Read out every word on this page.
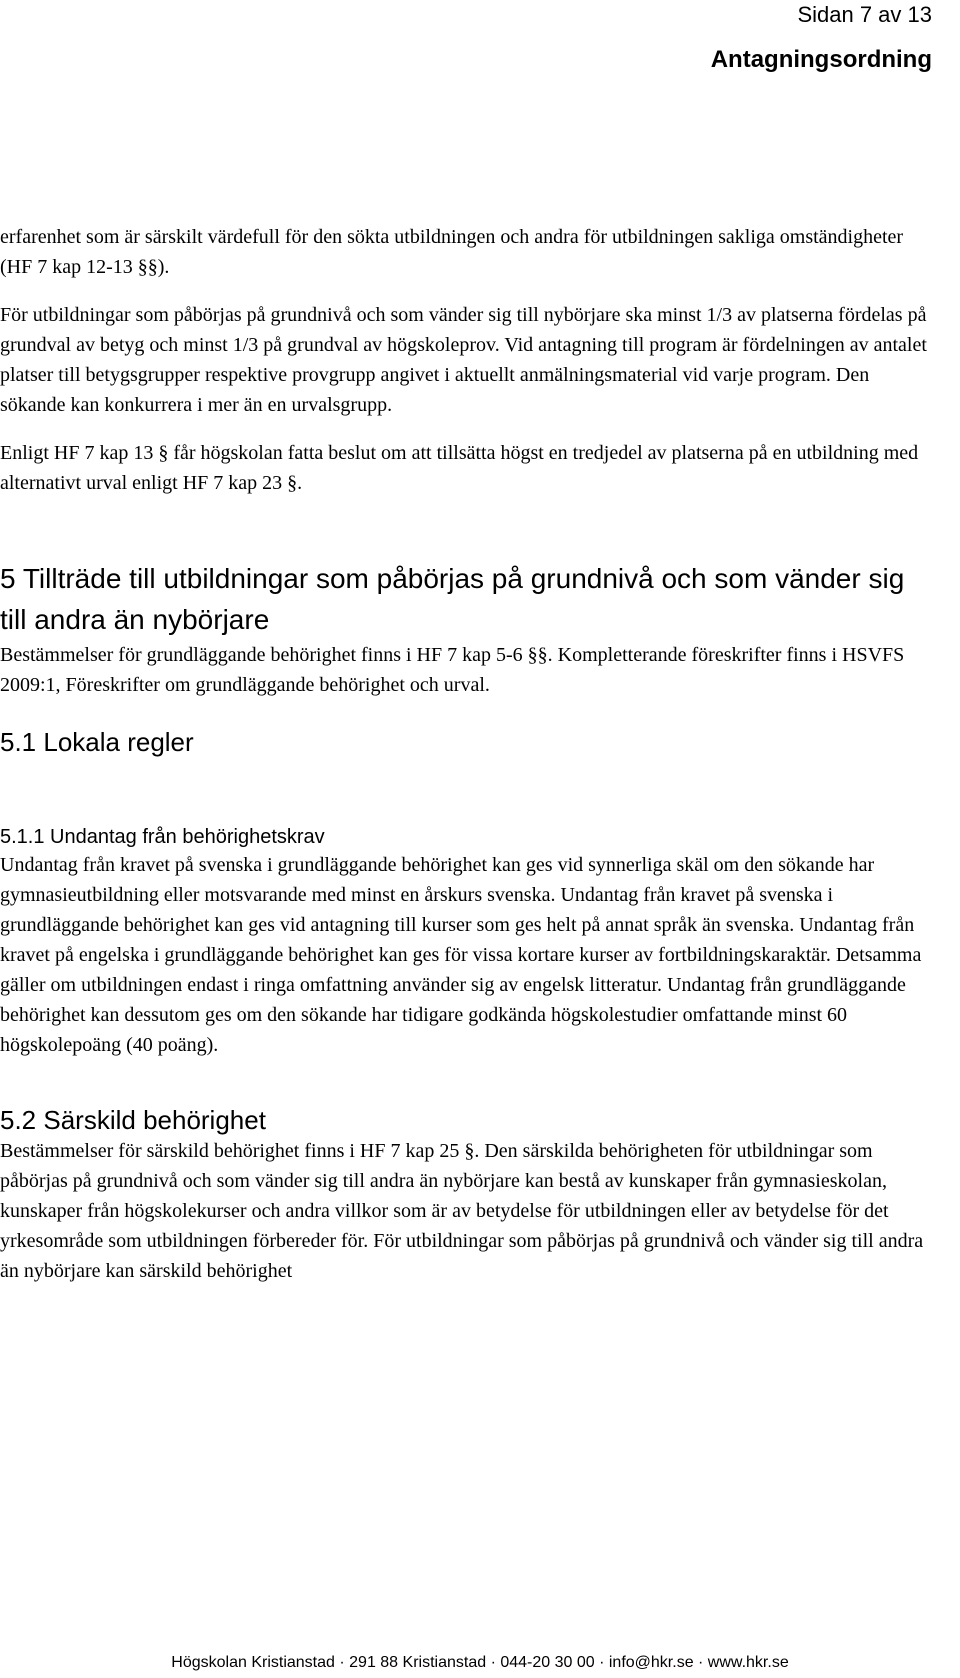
Sidan 7 av 13
Antagningsordning

erfarenhet som är särskilt värdefull för den sökta utbildningen och andra för utbildningen sakliga omständigheter (HF 7 kap 12-13 §§).

För utbildningar som påbörjas på grundnivå och som vänder sig till nybörjare ska minst 1/3 av platserna fördelas på grundval av betyg och minst 1/3 på grundval av högskoleprov. Vid antagning till program är fördelningen av antalet platser till betygsgrupper respektive provgrupp angivet i aktuellt anmälningsmaterial vid varje program. Den sökande kan konkurrera i mer än en urvalsgrupp.

Enligt HF 7 kap 13 § får högskolan fatta beslut om att tillsätta högst en tredjedel av platserna på en utbildning med alternativt urval enligt HF 7 kap 23 §.

5 Tillträde till utbildningar som påbörjas på grundnivå och som vänder sig till andra än nybörjare

Bestämmelser för grundläggande behörighet finns i HF 7 kap 5-6 §§. Kompletterande föreskrifter finns i HSVFS 2009:1, Föreskrifter om grundläggande behörighet och urval.

5.1 Lokala regler
5.1.1 Undantag från behörighetskrav

Undantag från kravet på svenska i grundläggande behörighet kan ges vid synnerliga skäl om den sökande har gymnasieutbildning eller motsvarande med minst en årskurs svenska. Undantag från kravet på svenska i grundläggande behörighet kan ges vid antagning till kurser som ges helt på annat språk än svenska. Undantag från kravet på engelska i grundläggande behörighet kan ges för vissa kortare kurser av fortbildningskaraktär. Detsamma gäller om utbildningen endast i ringa omfattning använder sig av engelsk litteratur. Undantag från grundläggande behörighet kan dessutom ges om den sökande har tidigare godkända högskolestudier omfattande minst 60 högskolepoäng (40 poäng).

5.2 Särskild behörighet

Bestämmelser för särskild behörighet finns i HF 7 kap 25 §. Den särskilda behörigheten för utbildningar som påbörjas på grundnivå och som vänder sig till andra än nybörjare kan bestå av kunskaper från gymnasieskolan, kunskaper från högskolekurser och andra villkor som är av betydelse för utbildningen eller av betydelse för det yrkesområde som utbildningen förbereder för. För utbildningar som påbörjas på grundnivå och vänder sig till andra än nybörjare kan särskild behörighet

Högskolan Kristianstad · 291 88 Kristianstad · 044-20 30 00 · info@hkr.se · www.hkr.se
